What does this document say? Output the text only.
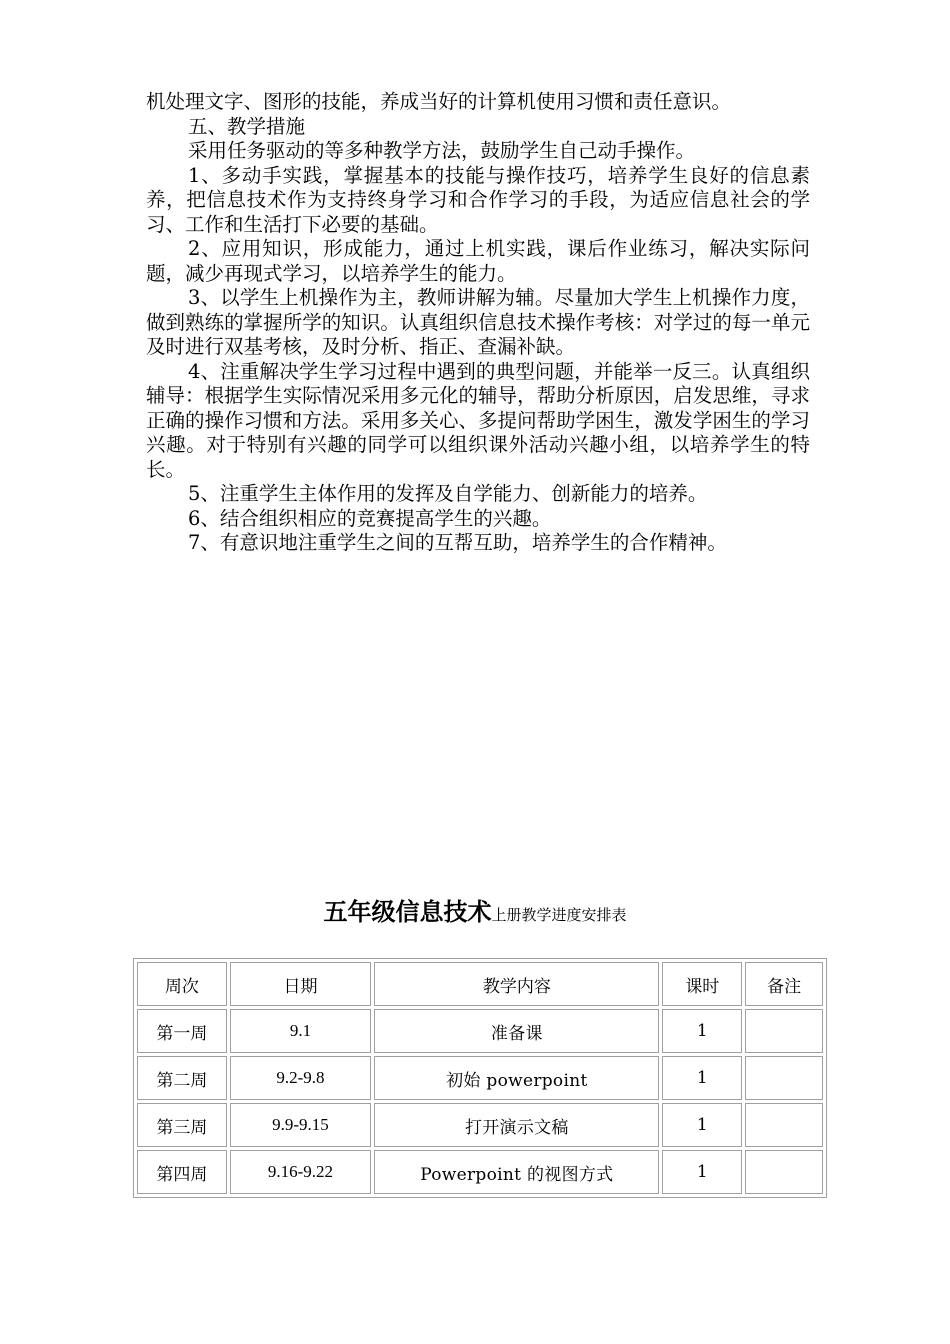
机处理文字、图形的技能，养成当好的计算机使用习惯和责任意识。

五、教学措施

采用任务驱动的等多种教学方法，鼓励学生自己动手操作。

1、多动手实践，掌握基本的技能与操作技巧，培养学生良好的信息素养，把信息技术作为支持终身学习和合作学习的手段，为适应信息社会的学习、工作和生活打下必要的基础。

2、应用知识，形成能力，通过上机实践，课后作业练习，解决实际问题，减少再现式学习，以培养学生的能力。

3、以学生上机操作为主，教师讲解为辅。尽量加大学生上机操作力度，做到熟练的掌握所学的知识。认真组织信息技术操作考核：对学过的每一单元及时进行双基考核，及时分析、指正、查漏补缺。

4、注重解决学生学习过程中遇到的典型问题，并能举一反三。认真组织辅导：根据学生实际情况采用多元化的辅导，帮助分析原因，启发思维，寻求正确的操作习惯和方法。采用多关心、多提问帮助学困生，激发学困生的学习兴趣。对于特别有兴趣的同学可以组织课外活动兴趣小组，以培养学生的特长。

5、注重学生主体作用的发挥及自学能力、创新能力的培养。

6、结合组织相应的竞赛提高学生的兴趣。

7、有意识地注重学生之间的互帮互助，培养学生的合作精神。

五年级信息技术上册教学进度安排表
周次	日期	教学内容	课时	备注
第一周	9.1	准备课	1	
第二周	9.2-9.8	初始 powerpoint	1	
第三周	9.9-9.15	打开演示文稿	1	
第四周	9.16-9.22	Powerpoint 的视图方式	1	
